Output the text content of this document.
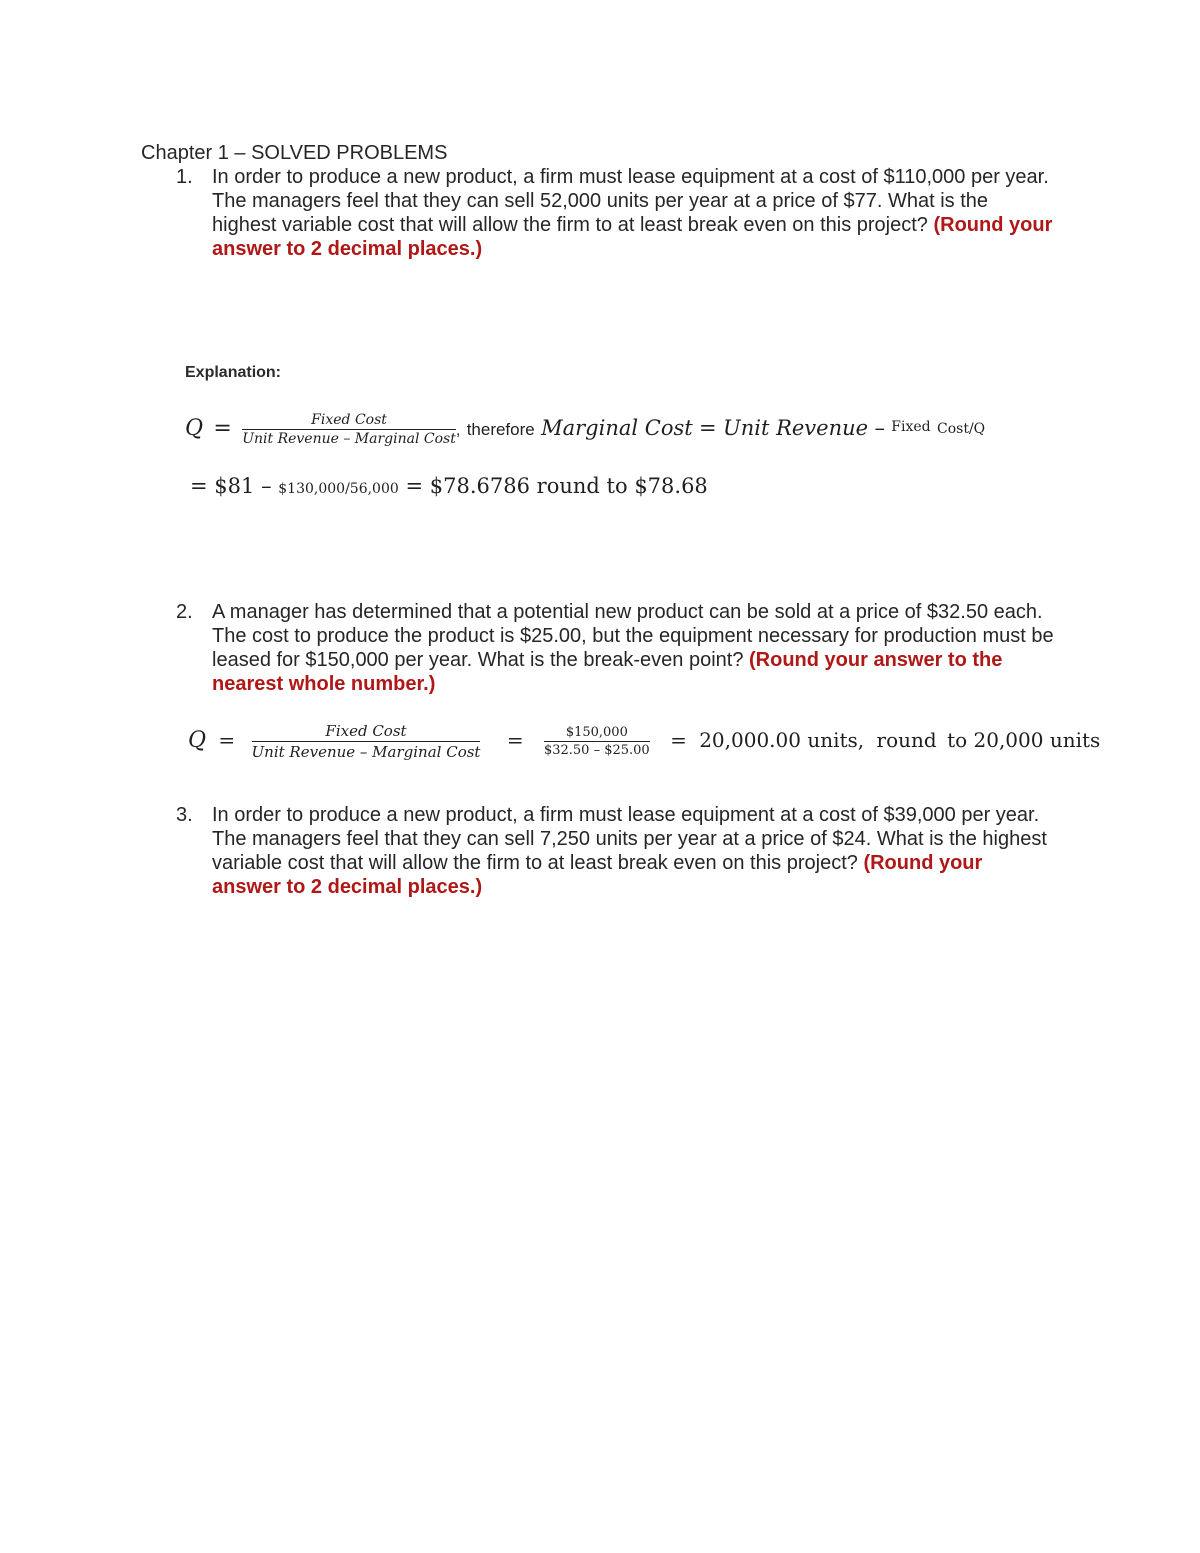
Chapter 1 – SOLVED PROBLEMS
1. In order to produce a new product, a firm must lease equipment at a cost of $110,000 per year. The managers feel that they can sell 52,000 units per year at a price of $77. What is the highest variable cost that will allow the firm to at least break even on this project? (Round your answer to 2 decimal places.)
Explanation:
$Q = \frac{\text{Fixed Cost}}{\text{Unit Revenue – Marginal Cost}}$ , therefore Marginal Cost = Unit Revenue – $^{Fixed}$ Cost/Q
= $81 – $130,000/56,000 = $78.6786 round to $78.68
2. A manager has determined that a potential new product can be sold at a price of $32.50 each. The cost to produce the product is $25.00, but the equipment necessary for production must be leased for $150,000 per year. What is the break-even point? (Round your answer to the nearest whole number.)
$Q = \frac{\text{Fixed Cost}}{\text{Unit Revenue – Marginal Cost}} = \frac{\$150,000}{\$32.50 - \$25.00} = 20,000.00$ units, round to 20,000 units
3. In order to produce a new product, a firm must lease equipment at a cost of $39,000 per year. The managers feel that they can sell 7,250 units per year at a price of $24. What is the highest variable cost that will allow the firm to at least break even on this project? (Round your answer to 2 decimal places.)
